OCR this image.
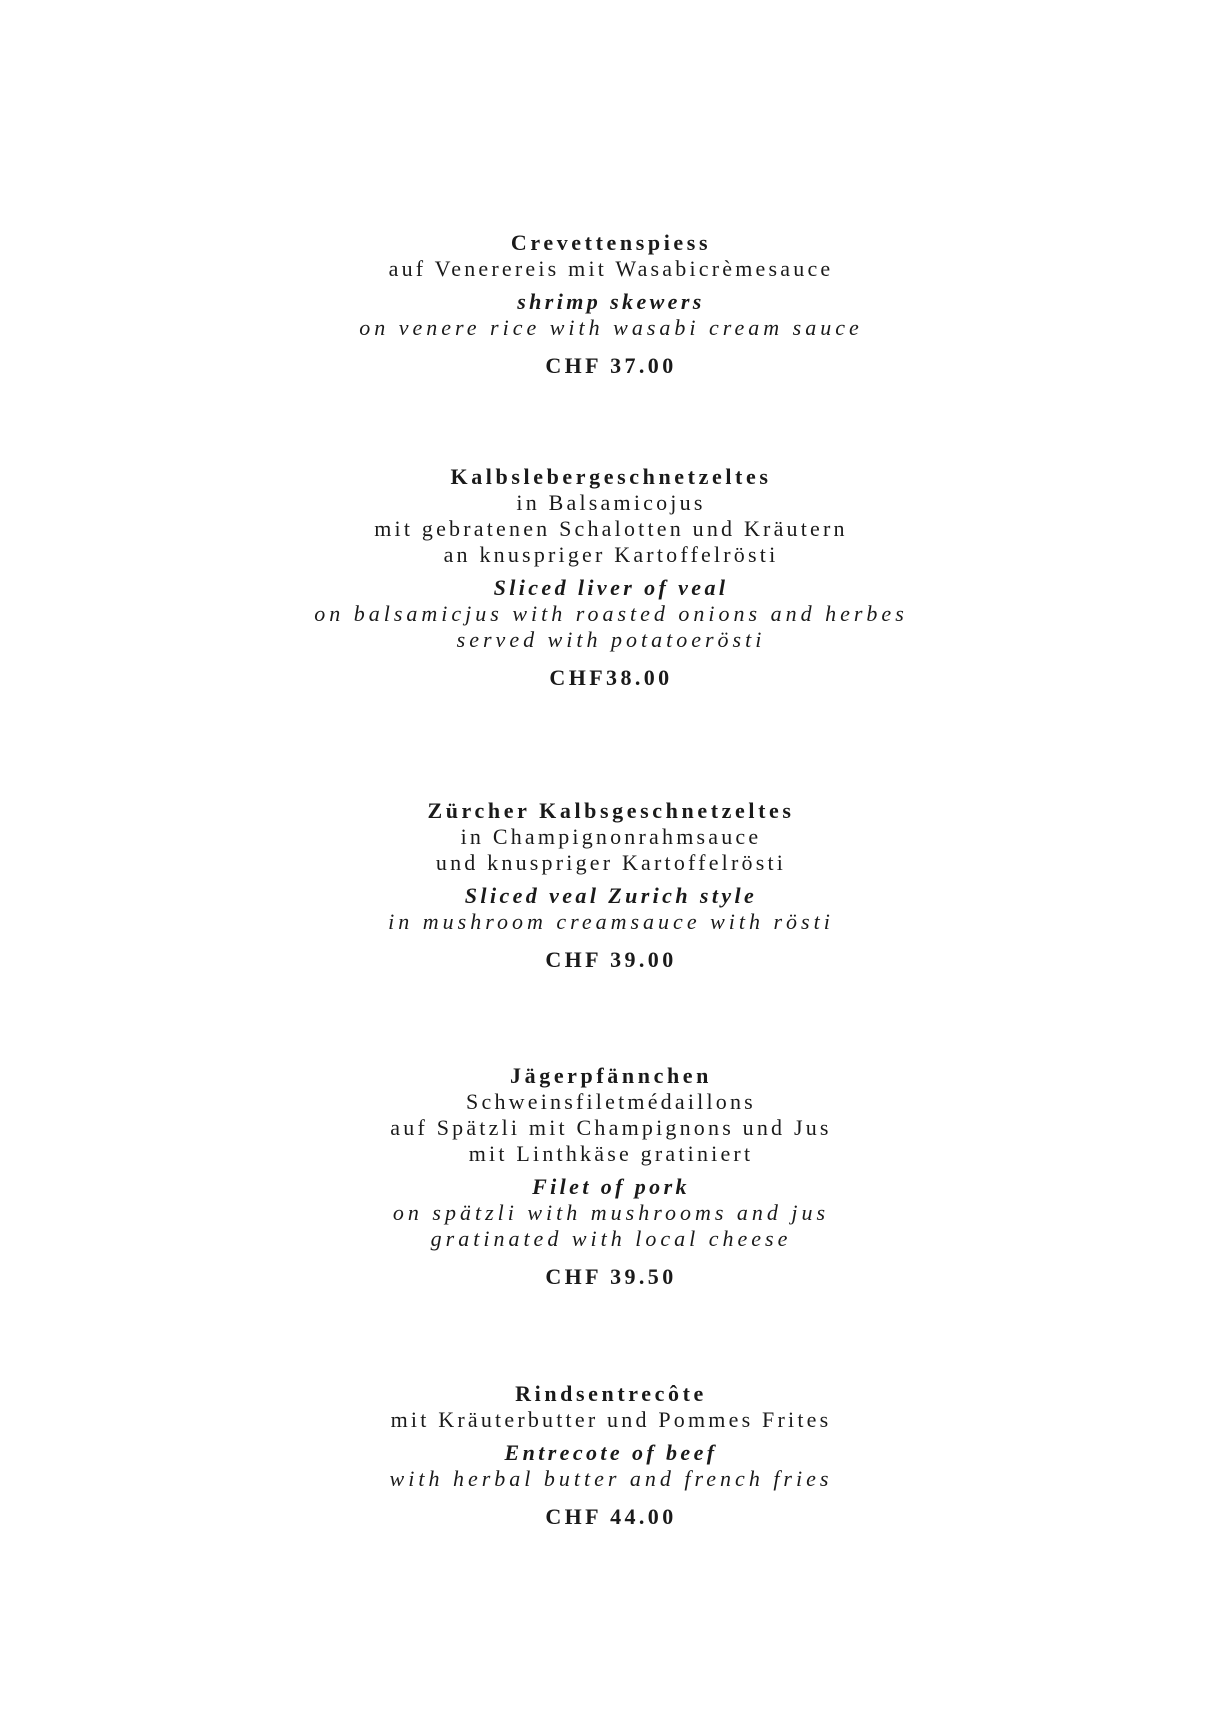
Crevettenspiess
auf Venerereis mit Wasabicrèmesauce
shrimp skewers
on venere rice with wasabi cream sauce
CHF 37.00
Kalbslebergeschnetzeltes
in Balsamicojus
mit gebratenen Schalotten und Kräutern
an knuspriger Kartoffelrösti
Sliced liver of veal
on balsamicjus with roasted onions and herbes
served with potatoerösti
CHF38.00
Zürcher Kalbsgeschnetzeltes
in Champignonrahmsauce
und knuspriger Kartoffelrösti
Sliced veal Zurich style
in mushroom creamsauce with rösti
CHF 39.00
Jägerpfännchen
Schweinsfiletmédaillons
auf Spätzli mit Champignons und Jus
mit Linthkäse gratiniert
Filet of pork
on spätzli with mushrooms and jus
gratinated with local cheese
CHF 39.50
Rindsentrecôte
mit Kräuterbutter und Pommes Frites
Entrecote of beef
with herbal butter and french fries
CHF 44.00
